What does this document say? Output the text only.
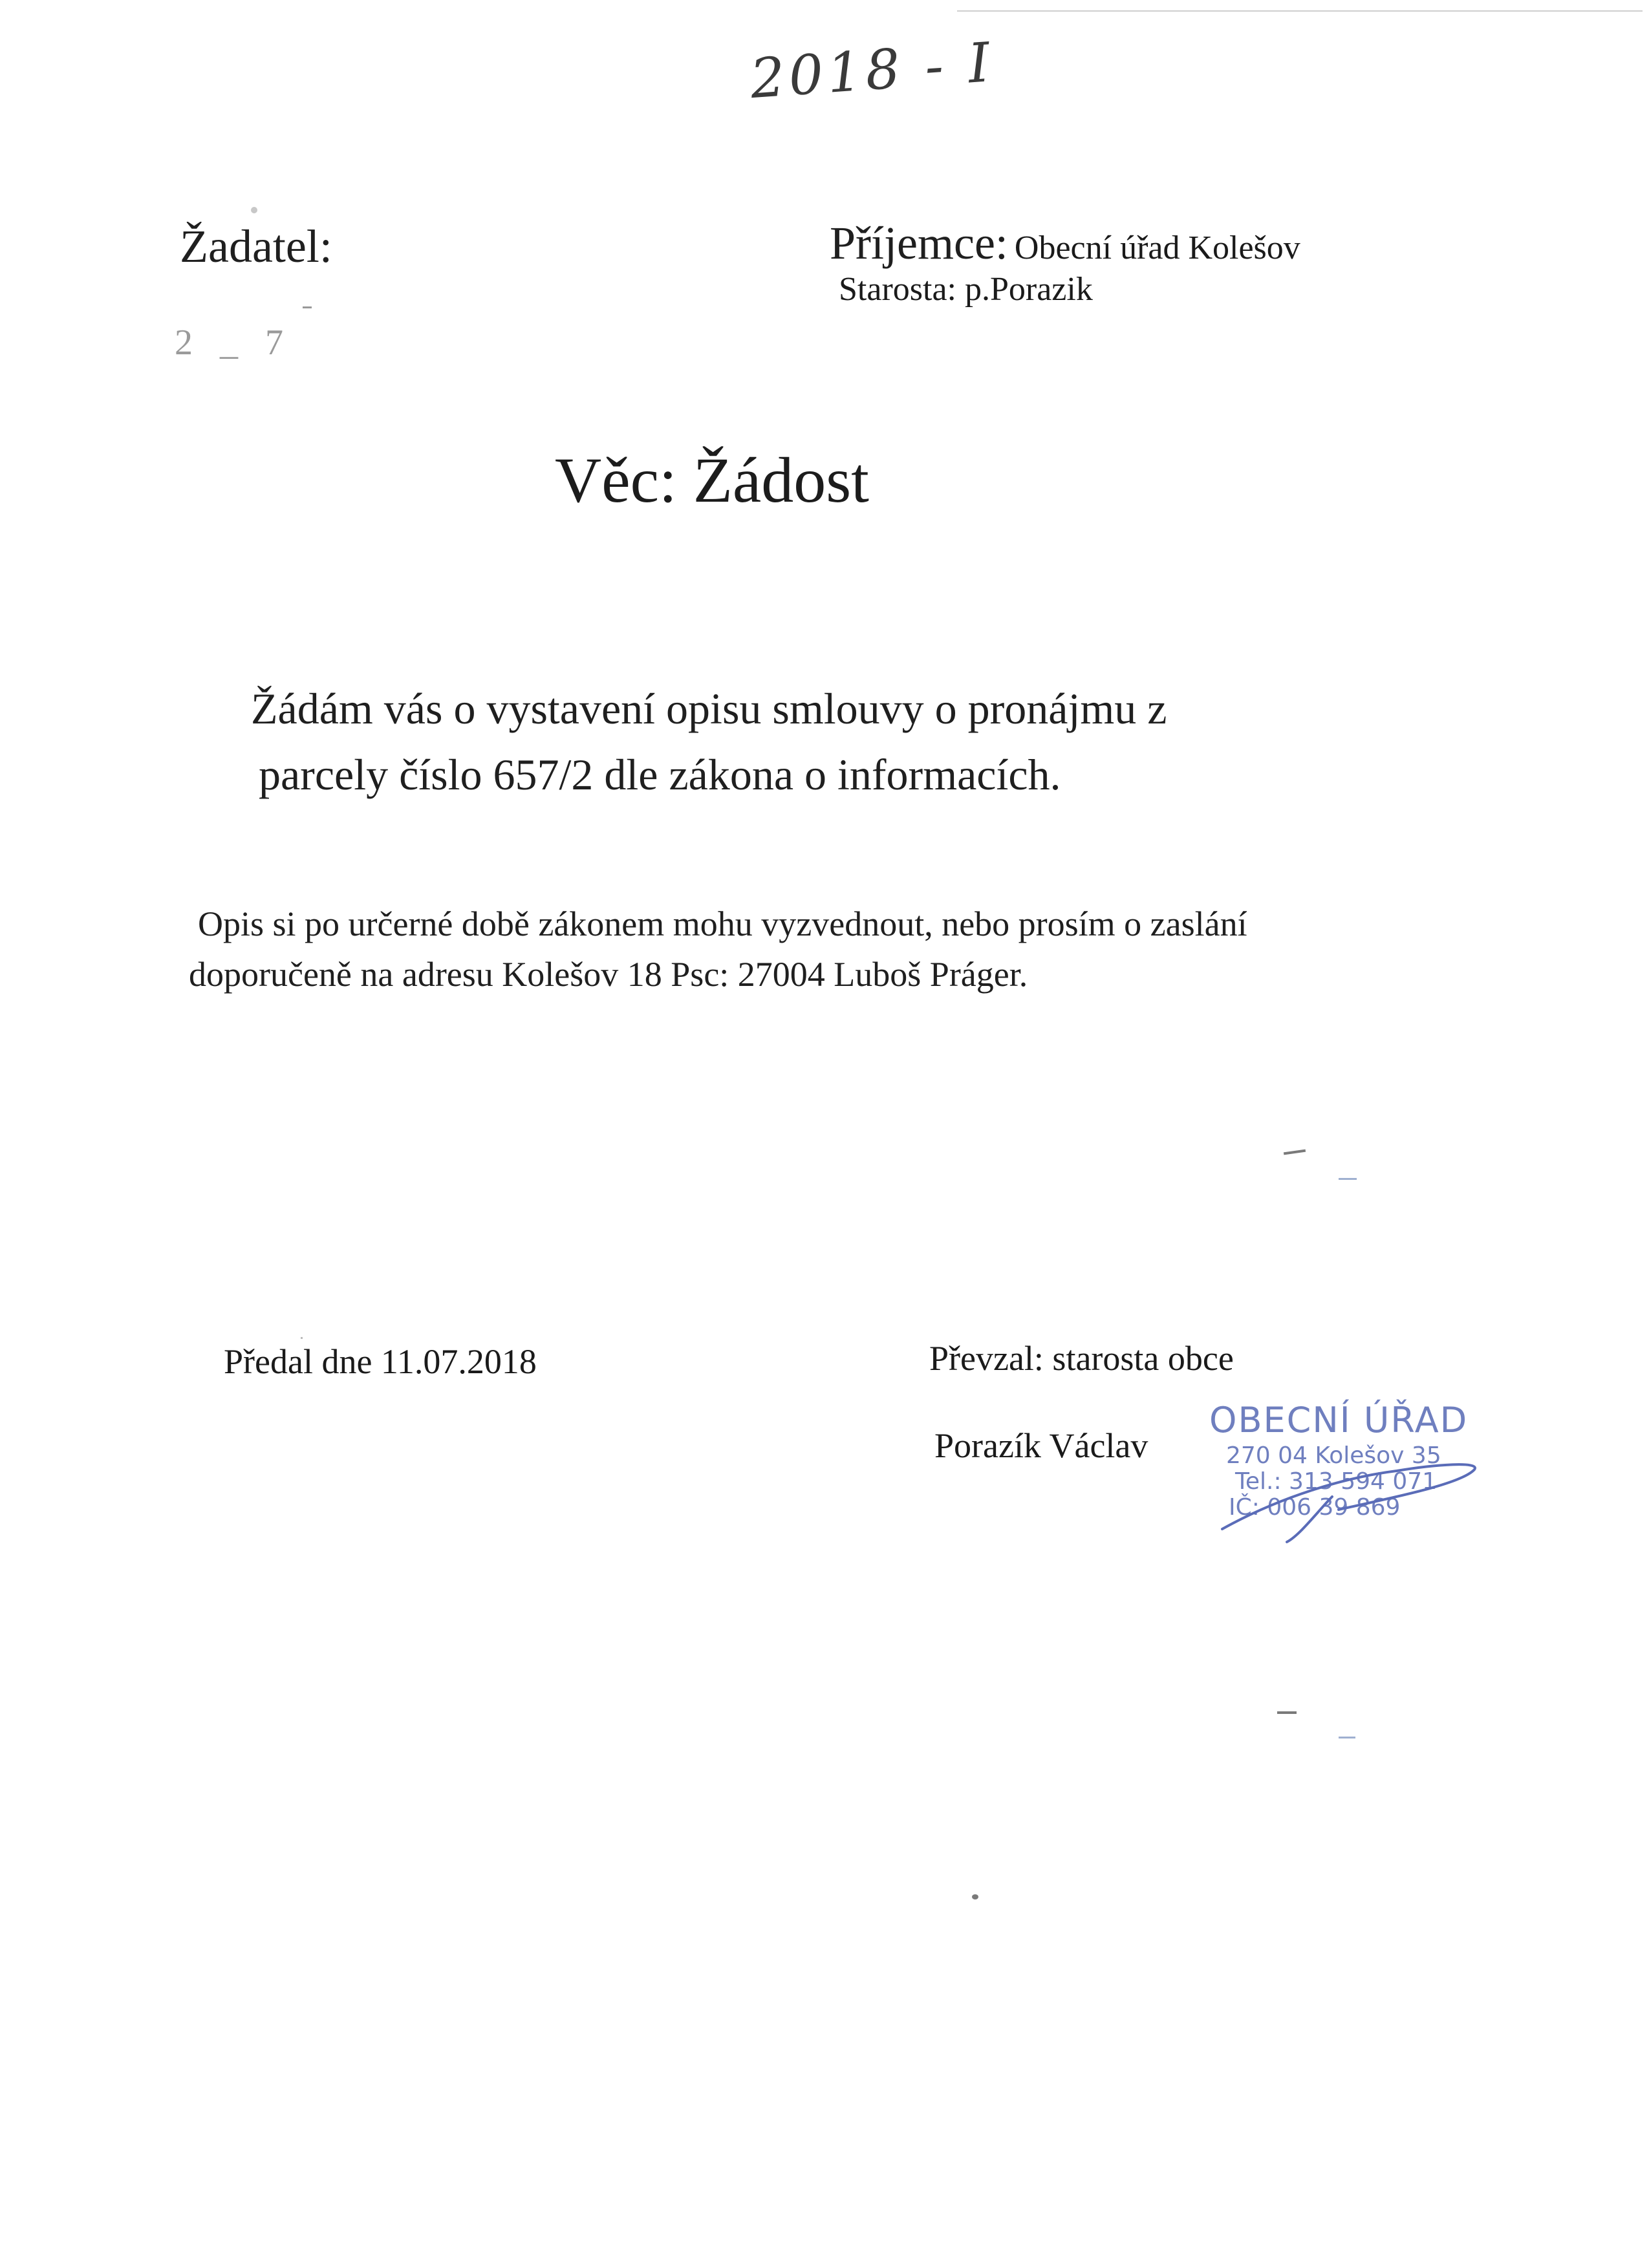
2018 - I
Žadatel:
2 _ 7
Příjemce: Obecní úřad Kolešov
Starosta: p.Porazik
Věc: Žádost
Žádám vás o vystavení opisu smlouvy o pronájmu z
parcely číslo 657/2 dle zákona o informacích.
Opis si po určerné době zákonem mohu vyzvednout, nebo prosím o zaslání
doporučeně na adresu Kolešov 18 Psc: 27004 Luboš Práger.
Předal dne 11.07.2018	Převzal: starosta obce
Porazík Václav
OBECNÍ ÚŘAD
270 04 Kolešov 35
Tel.: 313 594 071
IČ: 006 39 869
